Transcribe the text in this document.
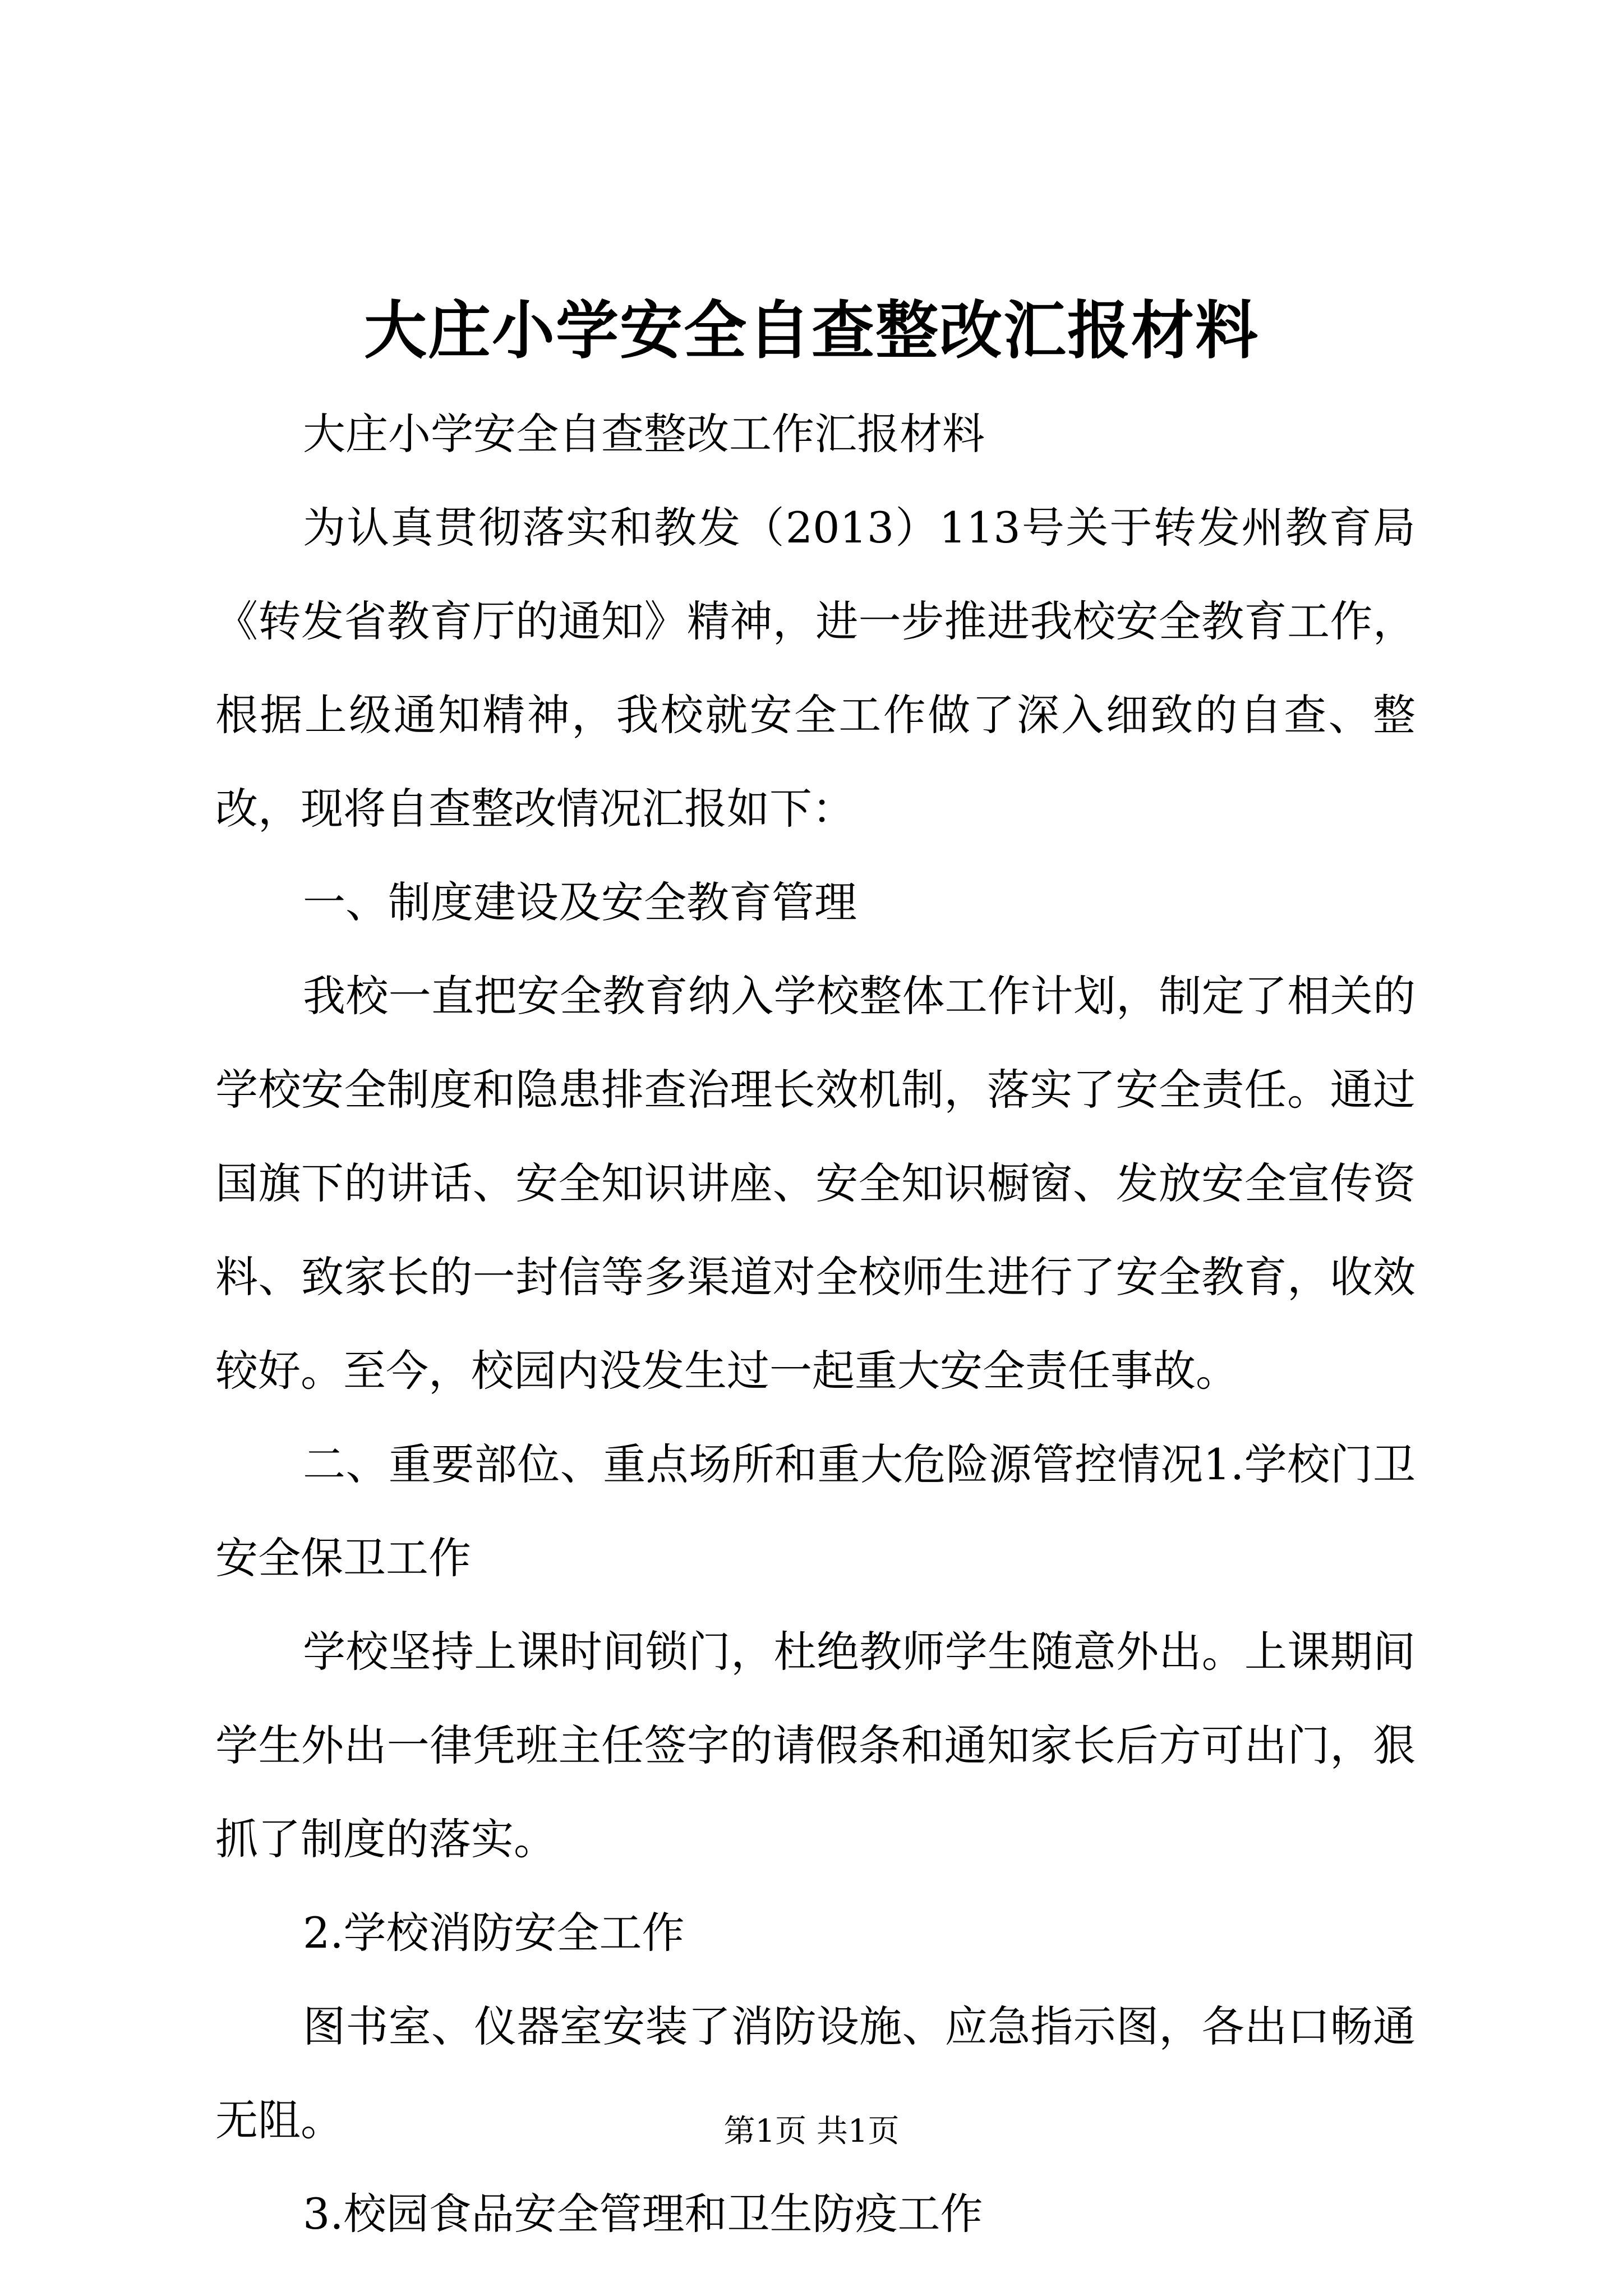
大庄小学安全自查整改汇报材料

大庄小学安全自查整改工作汇报材料

为认真贯彻落实和教发（2013）113号关于转发州教育局《转发省教育厅的通知》精神，进一步推进我校安全教育工作，根据上级通知精神，我校就安全工作做了深入细致的自查、整改，现将自查整改情况汇报如下：

一、制度建设及安全教育管理

我校一直把安全教育纳入学校整体工作计划，制定了相关的学校安全制度和隐患排查治理长效机制，落实了安全责任。通过国旗下的讲话、安全知识讲座、安全知识橱窗、发放安全宣传资料、致家长的一封信等多渠道对全校师生进行了安全教育，收效较好。至今，校园内没发生过一起重大安全责任事故。

二、重要部位、重点场所和重大危险源管控情况1.学校门卫安全保卫工作

学校坚持上课时间锁门，杜绝教师学生随意外出。上课期间学生外出一律凭班主任签字的请假条和通知家长后方可出门，狠抓了制度的落实。

2.学校消防安全工作

图书室、仪器室安装了消防设施、应急指示图，各出口畅通无阻。

3.校园食品安全管理和卫生防疫工作

第1页 共1页
